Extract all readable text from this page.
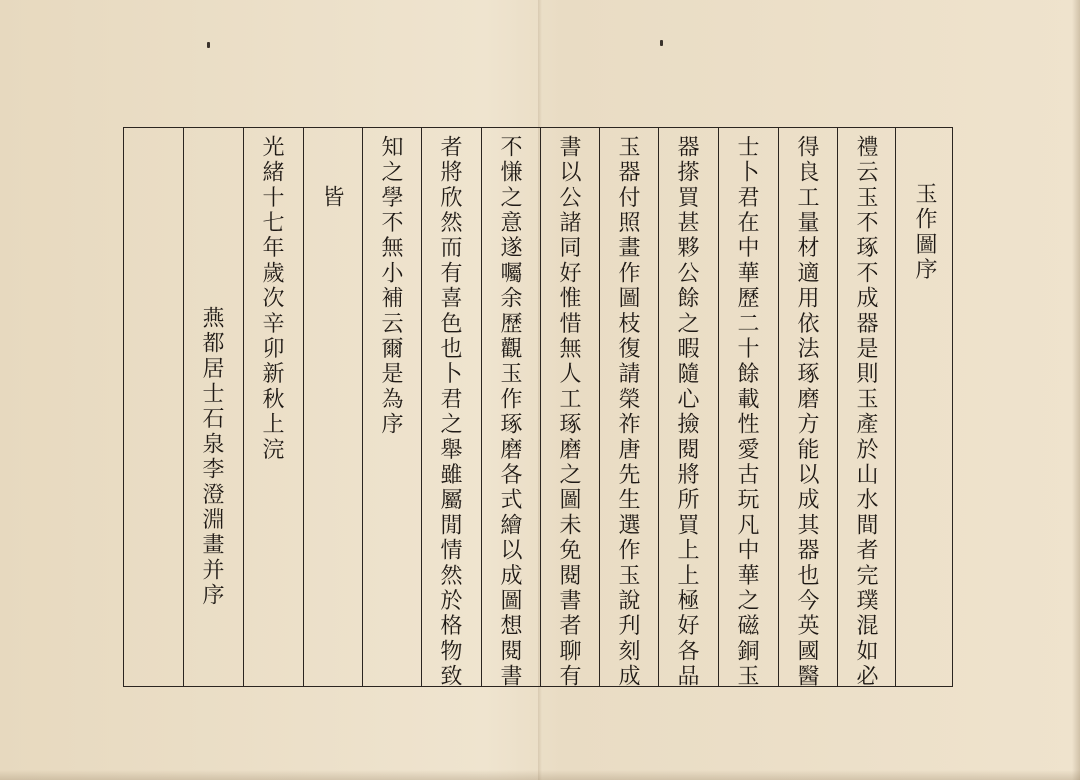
玉作圖序
禮云玉不琢不成器是則玉產於山水間者完璞混如必
得良工量材適用依法琢磨方能以成其器也今英國醫
士卜君在中華歷二十餘載性愛古玩凡中華之磁銅玉
器搽買甚夥公餘之暇隨心撿閱將所買上上極好各品
玉器付照畫作圖枝復請榮祚唐先生選作玉說刋刻成
書以公諸同好惟惜無人工琢磨之圖未免閱書者聊有
不慊之意遂囑余歷觀玉作琢磨各式繪以成圖想閱書
者將欣然而有喜色也卜君之舉雖屬閒情然於格物致
知之學不無小補云爾是為序
皆
光緒十七年歲次辛卯新秋上浣
燕都居士石泉李澄淵畫并序
